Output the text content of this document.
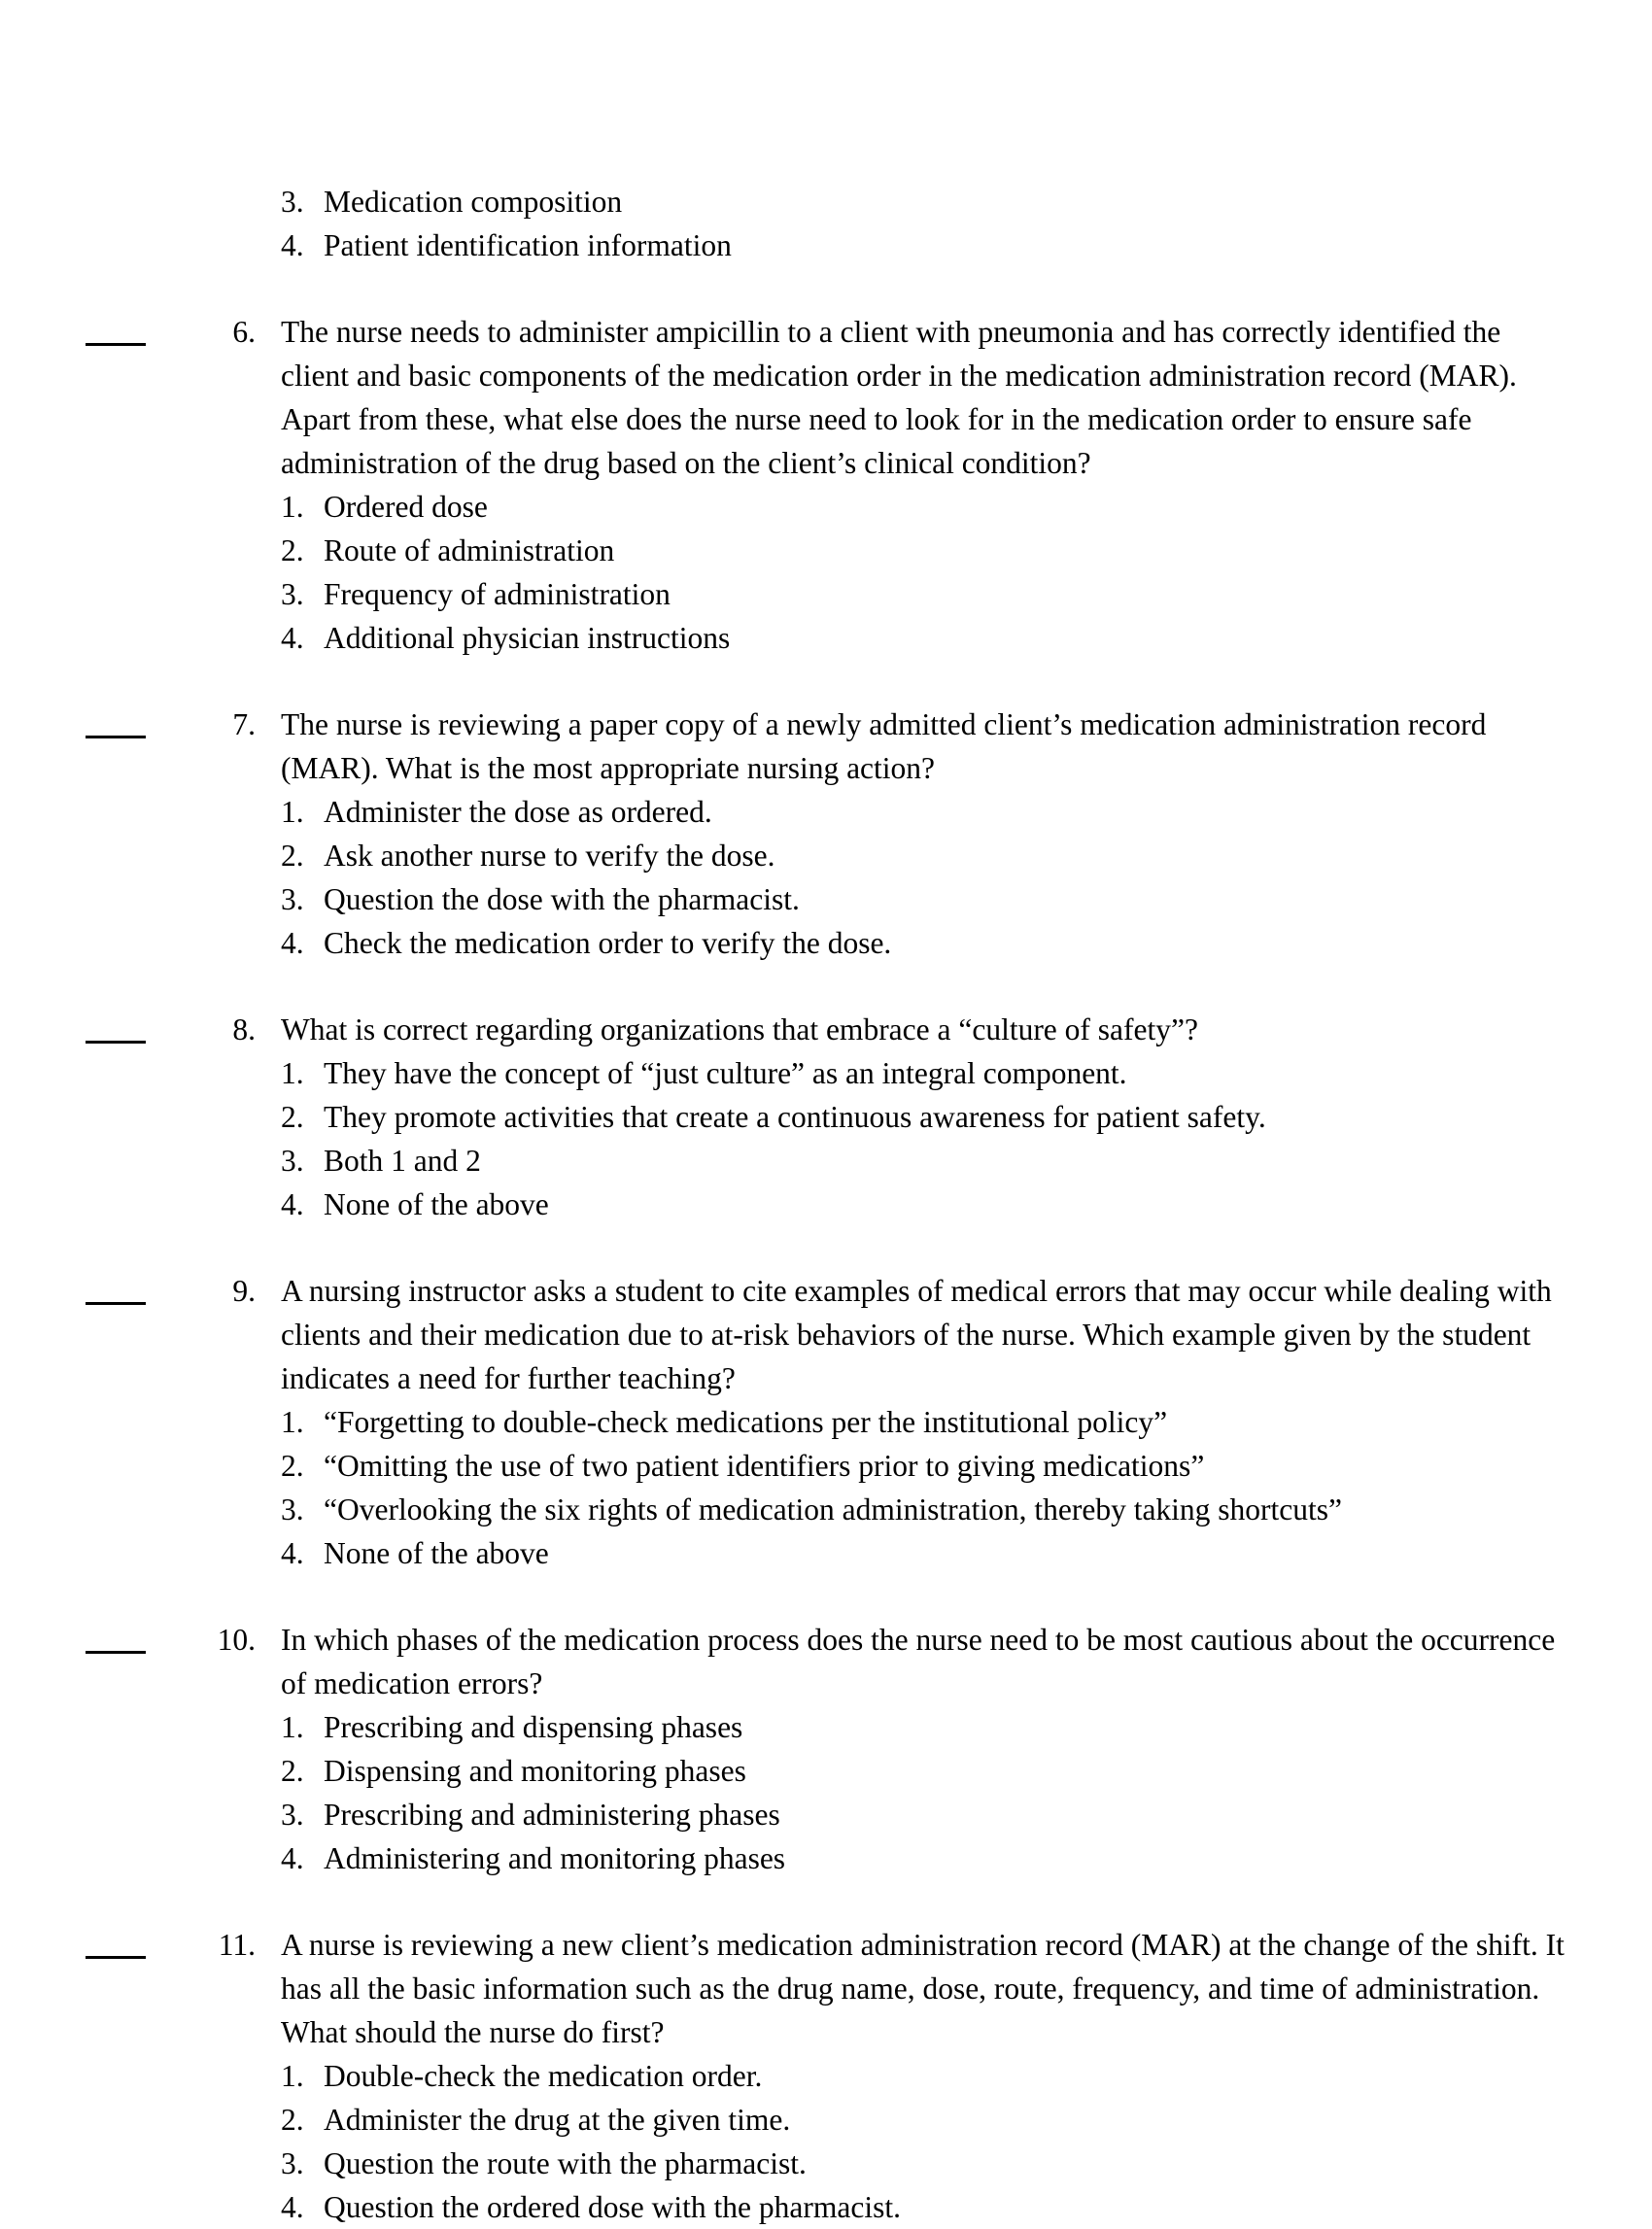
3. Medication composition
4. Patient identification information
6. The nurse needs to administer ampicillin to a client with pneumonia and has correctly identified the client and basic components of the medication order in the medication administration record (MAR). Apart from these, what else does the nurse need to look for in the medication order to ensure safe administration of the drug based on the client’s clinical condition?

1. Ordered dose
2. Route of administration
3. Frequency of administration
4. Additional physician instructions
7. The nurse is reviewing a paper copy of a newly admitted client’s medication administration record (MAR). What is the most appropriate nursing action?

1. Administer the dose as ordered.
2. Ask another nurse to verify the dose.
3. Question the dose with the pharmacist.
4. Check the medication order to verify the dose.
8. What is correct regarding organizations that embrace a “culture of safety”?

1. They have the concept of “just culture” as an integral component.
2. They promote activities that create a continuous awareness for patient safety.
3. Both 1 and 2
4. None of the above
9. A nursing instructor asks a student to cite examples of medical errors that may occur while dealing with clients and their medication due to at-risk behaviors of the nurse. Which example given by the student indicates a need for further teaching?

1. “Forgetting to double-check medications per the institutional policy”
2. “Omitting the use of two patient identifiers prior to giving medications”
3. “Overlooking the six rights of medication administration, thereby taking shortcuts”
4. None of the above
10. In which phases of the medication process does the nurse need to be most cautious about the occurrence of medication errors?

1. Prescribing and dispensing phases
2. Dispensing and monitoring phases
3. Prescribing and administering phases
4. Administering and monitoring phases
11. A nurse is reviewing a new client’s medication administration record (MAR) at the change of the shift. It has all the basic information such as the drug name, dose, route, frequency, and time of administration.   What should the nurse do first?

1. Double-check the medication order.
2. Administer the drug at the given time.
3. Question the route with the pharmacist.
4. Question the ordered dose with the pharmacist.
